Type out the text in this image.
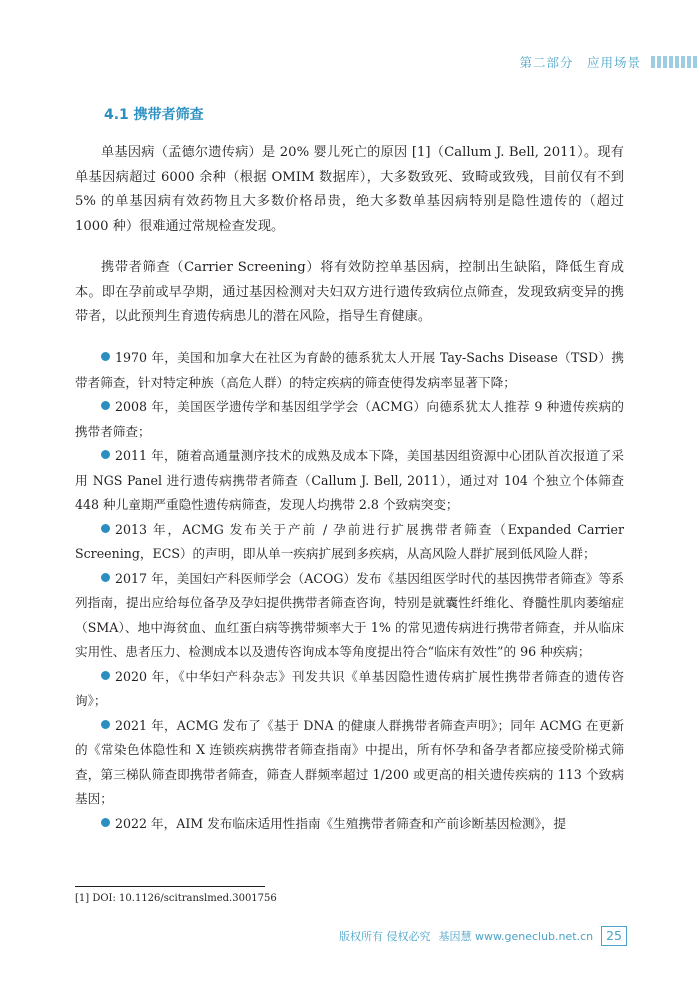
第二部分　应用场景
4.1 携带者筛查

单基因病（孟德尔遗传病）是 20% 婴儿死亡的原因 [1]（Callum J. Bell, 2011）。现有单基因病超过 6000 余种（根据 OMIM 数据库），大多数致死、致畸或致残，目前仅有不到 5% 的单基因病有效药物且大多数价格昂贵，绝大多数单基因病特别是隐性遗传的（超过 1000 种）很难通过常规检查发现。

携带者筛查（Carrier Screening）将有效防控单基因病，控制出生缺陷，降低生育成本。即在孕前或早孕期，通过基因检测对夫妇双方进行遗传致病位点筛查，发现致病变异的携带者，以此预判生育遗传病患儿的潜在风险，指导生育健康。

1970 年，美国和加拿大在社区为育龄的德系犹太人开展 Tay-Sachs Disease（TSD）携带者筛查，针对特定种族（高危人群）的特定疾病的筛查使得发病率显著下降；

2008 年，美国医学遗传学和基因组学学会（ACMG）向德系犹太人推荐 9 种遗传疾病的携带者筛查；

2011 年，随着高通量测序技术的成熟及成本下降，美国基因组资源中心团队首次报道了采用 NGS Panel 进行遗传病携带者筛查（Callum J. Bell, 2011），通过对 104 个独立个体筛查 448 种儿童期严重隐性遗传病筛查，发现人均携带 2.8 个致病突变；

2013 年，ACMG 发布关于产前 / 孕前进行扩展携带者筛查（Expanded Carrier Screening，ECS）的声明，即从单一疾病扩展到多疾病，从高风险人群扩展到低风险人群；

2017 年，美国妇产科医师学会（ACOG）发布《基因组医学时代的基因携带者筛查》等系列指南，提出应给每位备孕及孕妇提供携带者筛查咨询，特别是就囊性纤维化、脊髓性肌肉萎缩症（SMA）、地中海贫血、血红蛋白病等携带频率大于 1% 的常见遗传病进行携带者筛查，并从临床实用性、患者压力、检测成本以及遗传咨询成本等角度提出符合“临床有效性”的 96 种疾病；

2020 年，《中华妇产科杂志》刊发共识《单基因隐性遗传病扩展性携带者筛查的遗传咨询》；

2021 年，ACMG 发布了《基于 DNA 的健康人群携带者筛查声明》；同年 ACMG 在更新的《常染色体隐性和 X 连锁疾病携带者筛查指南》中提出，所有怀孕和备孕者都应接受阶梯式筛查，第三梯队筛查即携带者筛查，筛查人群频率超过 1/200 或更高的相关遗传疾病的 113 个致病基因；

2022 年，AIM 发布临床适用性指南《生殖携带者筛查和产前诊断基因检测》，提

[1] DOI: 10.1126/scitranslmed.3001756
版权所有 侵权必究 基因慧 www.geneclub.net.cn	25
